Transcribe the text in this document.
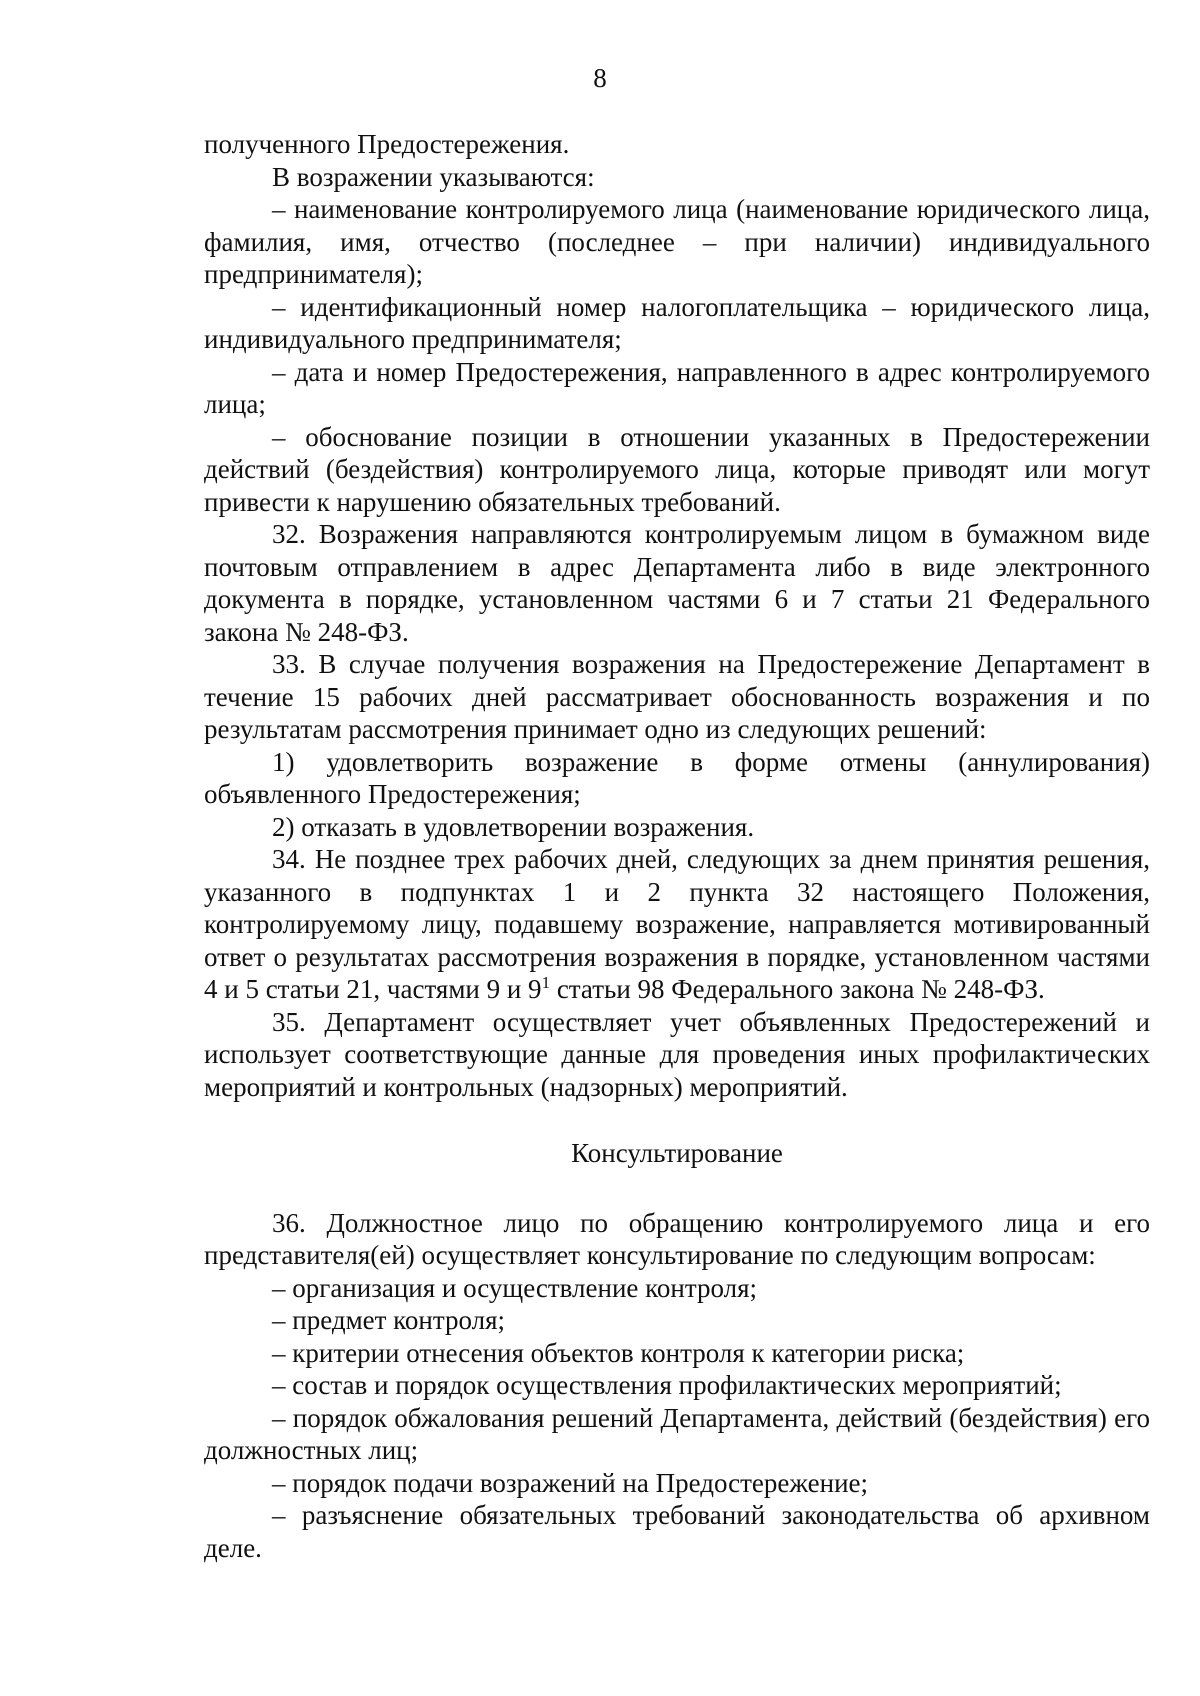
8

полученного Предостережения.

В возражении указываются:

– наименование контролируемого лица (наименование юридического лица, фамилия, имя, отчество (последнее – при наличии) индивидуального предпринимателя);

– идентификационный номер налогоплательщика – юридического лица, индивидуального предпринимателя;

– дата и номер Предостережения, направленного в адрес контролируемого лица;

– обоснование позиции в отношении указанных в Предостережении действий (бездействия) контролируемого лица, которые приводят или могут привести к нарушению обязательных требований.

32. Возражения направляются контролируемым лицом в бумажном виде почтовым отправлением в адрес Департамента либо в виде электронного документа в порядке, установленном частями 6 и 7 статьи 21 Федерального закона № 248-ФЗ.

33. В случае получения возражения на Предостережение Департамент в течение 15 рабочих дней рассматривает обоснованность возражения и по результатам рассмотрения принимает одно из следующих решений:

1) удовлетворить возражение в форме отмены (аннулирования) объявленного Предостережения;

2) отказать в удовлетворении возражения.

34. Не позднее трех рабочих дней, следующих за днем принятия решения, указанного в подпунктах 1 и 2 пункта 32 настоящего Положения, контролируемому лицу, подавшему возражение, направляется мотивированный ответ о результатах рассмотрения возражения в порядке, установленном частями 4 и 5 статьи 21, частями 9 и $9^1$ статьи 98 Федерального закона № 248-ФЗ.

35. Департамент осуществляет учет объявленных Предостережений и использует соответствующие данные для проведения иных профилактических мероприятий и контрольных (надзорных) мероприятий.

Консультирование

36. Должностное лицо по обращению контролируемого лица и его представителя(ей) осуществляет консультирование по следующим вопросам:

– организация и осуществление контроля;

– предмет контроля;

– критерии отнесения объектов контроля к категории риска;

– состав и порядок осуществления профилактических мероприятий;

– порядок обжалования решений Департамента, действий (бездействия) его должностных лиц;

– порядок подачи возражений на Предостережение;

– разъяснение обязательных требований законодательства об архивном деле.
